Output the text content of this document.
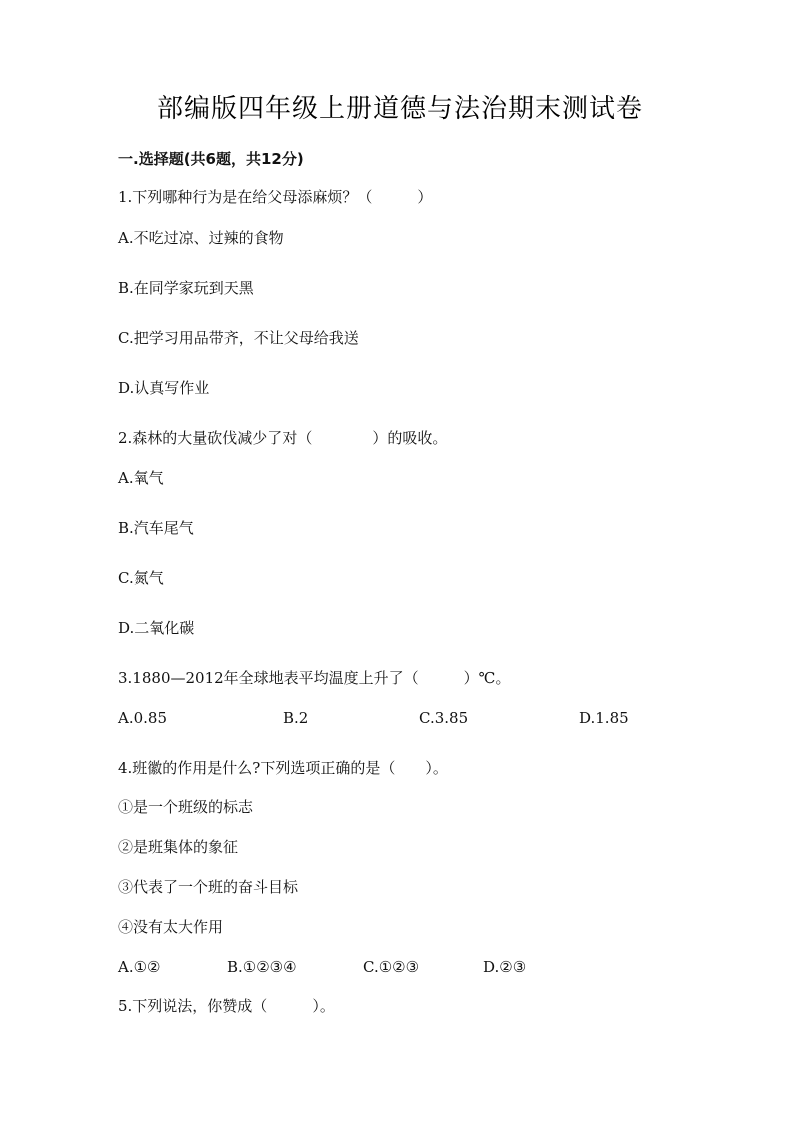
部编版四年级上册道德与法治期末测试卷
一.选择题(共6题，共12分)
1.下列哪种行为是在给父母添麻烦？（　　　）
A.不吃过凉、过辣的食物
B.在同学家玩到天黑
C.把学习用品带齐，不让父母给我送
D.认真写作业
2.森林的大量砍伐减少了对（　　　　）的吸收。
A.氧气
B.汽车尾气
C.氮气
D.二氧化碳
3.1880—2012年全球地表平均温度上升了（　　　）℃。
A.0.85	B.2	C.3.85	D.1.85
4.班徽的作用是什么?下列选项正确的是（　　）。
①是一个班级的标志
②是班集体的象征
③代表了一个班的奋斗目标
④没有太大作用
A.①②	B.①②③④	C.①②③	D.②③
5.下列说法，你赞成（　　　）。
